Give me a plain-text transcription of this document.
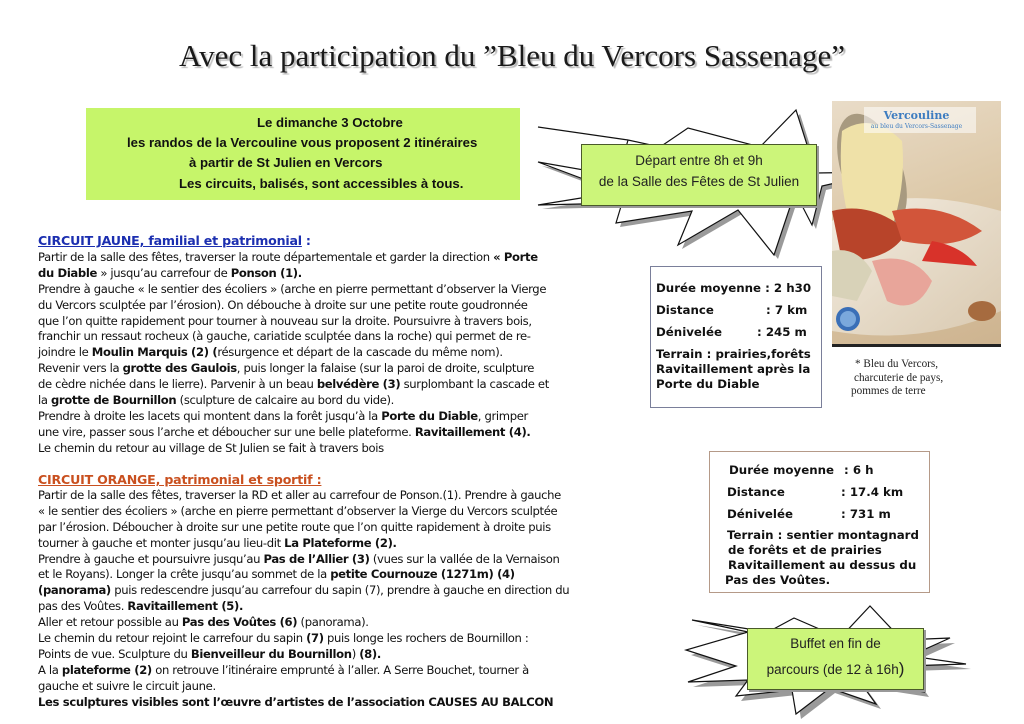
Avec la participation du ”Bleu du Vercors Sassenage”
Le dimanche 3 Octobre
les randos de la Vercouline vous proposent 2 itinéraires
à partir de St Julien en Vercors
Les circuits, balisés, sont accessibles à tous.
Départ entre 8h et 9h
de la Salle des Fêtes de St Julien
Vercouline
au bleu du Vercors-Sassenage
* Bleu du Vercors,
charcuterie de pays,
pommes de terre
Durée moyenne : 2 h30
Distance	: 7 km
Dénivelée	: 245 m
Terrain : prairies,forêts
Ravitaillement après la
Porte du Diable
Durée moyenne : 6 h
Distance	: 17.4 km
Dénivelée	: 731 m
Terrain : sentier montagnard
de forêts et de prairies
Ravitaillement au dessus du
Pas des Voûtes.
Buffet en fin de
parcours (de 12 à 16h)
CIRCUIT JAUNE, familial et patrimonial :
Partir de la salle des fêtes, traverser la route départementale et garder la direction « Porte
du Diable » jusqu’au carrefour de Ponson (1).
Prendre à gauche « le sentier des écoliers » (arche en pierre permettant d’observer la Vierge
du Vercors sculptée par l’érosion). On débouche à droite sur une petite route goudronnée
que l’on quitte rapidement pour tourner à nouveau sur la droite. Poursuivre à travers bois,
franchir un ressaut rocheux (à gauche, cariatide sculptée dans la roche) qui permet de re-
joindre le Moulin Marquis (2) (résurgence et départ de la cascade du même nom).
Revenir vers la grotte des Gaulois, puis longer la falaise (sur la paroi de droite, sculpture
de cèdre nichée dans le lierre). Parvenir à un beau belvédère (3) surplombant la cascade et
la grotte de Bournillon (sculpture de calcaire au bord du vide).
Prendre à droite les lacets qui montent dans la forêt jusqu’à la Porte du Diable, grimper
une vire, passer sous l’arche et déboucher sur une belle plateforme. Ravitaillement (4).
Le chemin du retour au village de St Julien se fait à travers bois
CIRCUIT ORANGE, patrimonial et sportif :
Partir de la salle des fêtes, traverser la RD et aller au carrefour de Ponson.(1). Prendre à gauche
« le sentier des écoliers » (arche en pierre permettant d’observer la Vierge du Vercors sculptée
par l’érosion. Déboucher à droite sur une petite route que l’on quitte rapidement à droite puis
tourner à gauche et monter jusqu’au lieu-dit La Plateforme (2).
Prendre à gauche et poursuivre jusqu’au Pas de l’Allier (3) (vues sur la vallée de la Vernaison
et le Royans). Longer la crête jusqu’au sommet de la petite Cournouze (1271m) (4)
(panorama) puis redescendre jusqu’au carrefour du sapin (7), prendre à gauche en direction du
pas des Voûtes. Ravitaillement (5).
Aller et retour possible au Pas des Voûtes (6) (panorama).
Le chemin du retour rejoint le carrefour du sapin (7) puis longe les rochers de Bournillon :
Points de vue. Sculpture du Bienveilleur du Bournillon) (8).
A la plateforme (2) on retrouve l’itinéraire emprunté à l’aller. A Serre Bouchet, tourner à
gauche et suivre le circuit jaune.
Les sculptures visibles sont l’œuvre d’artistes de l’association CAUSES AU BALCON
